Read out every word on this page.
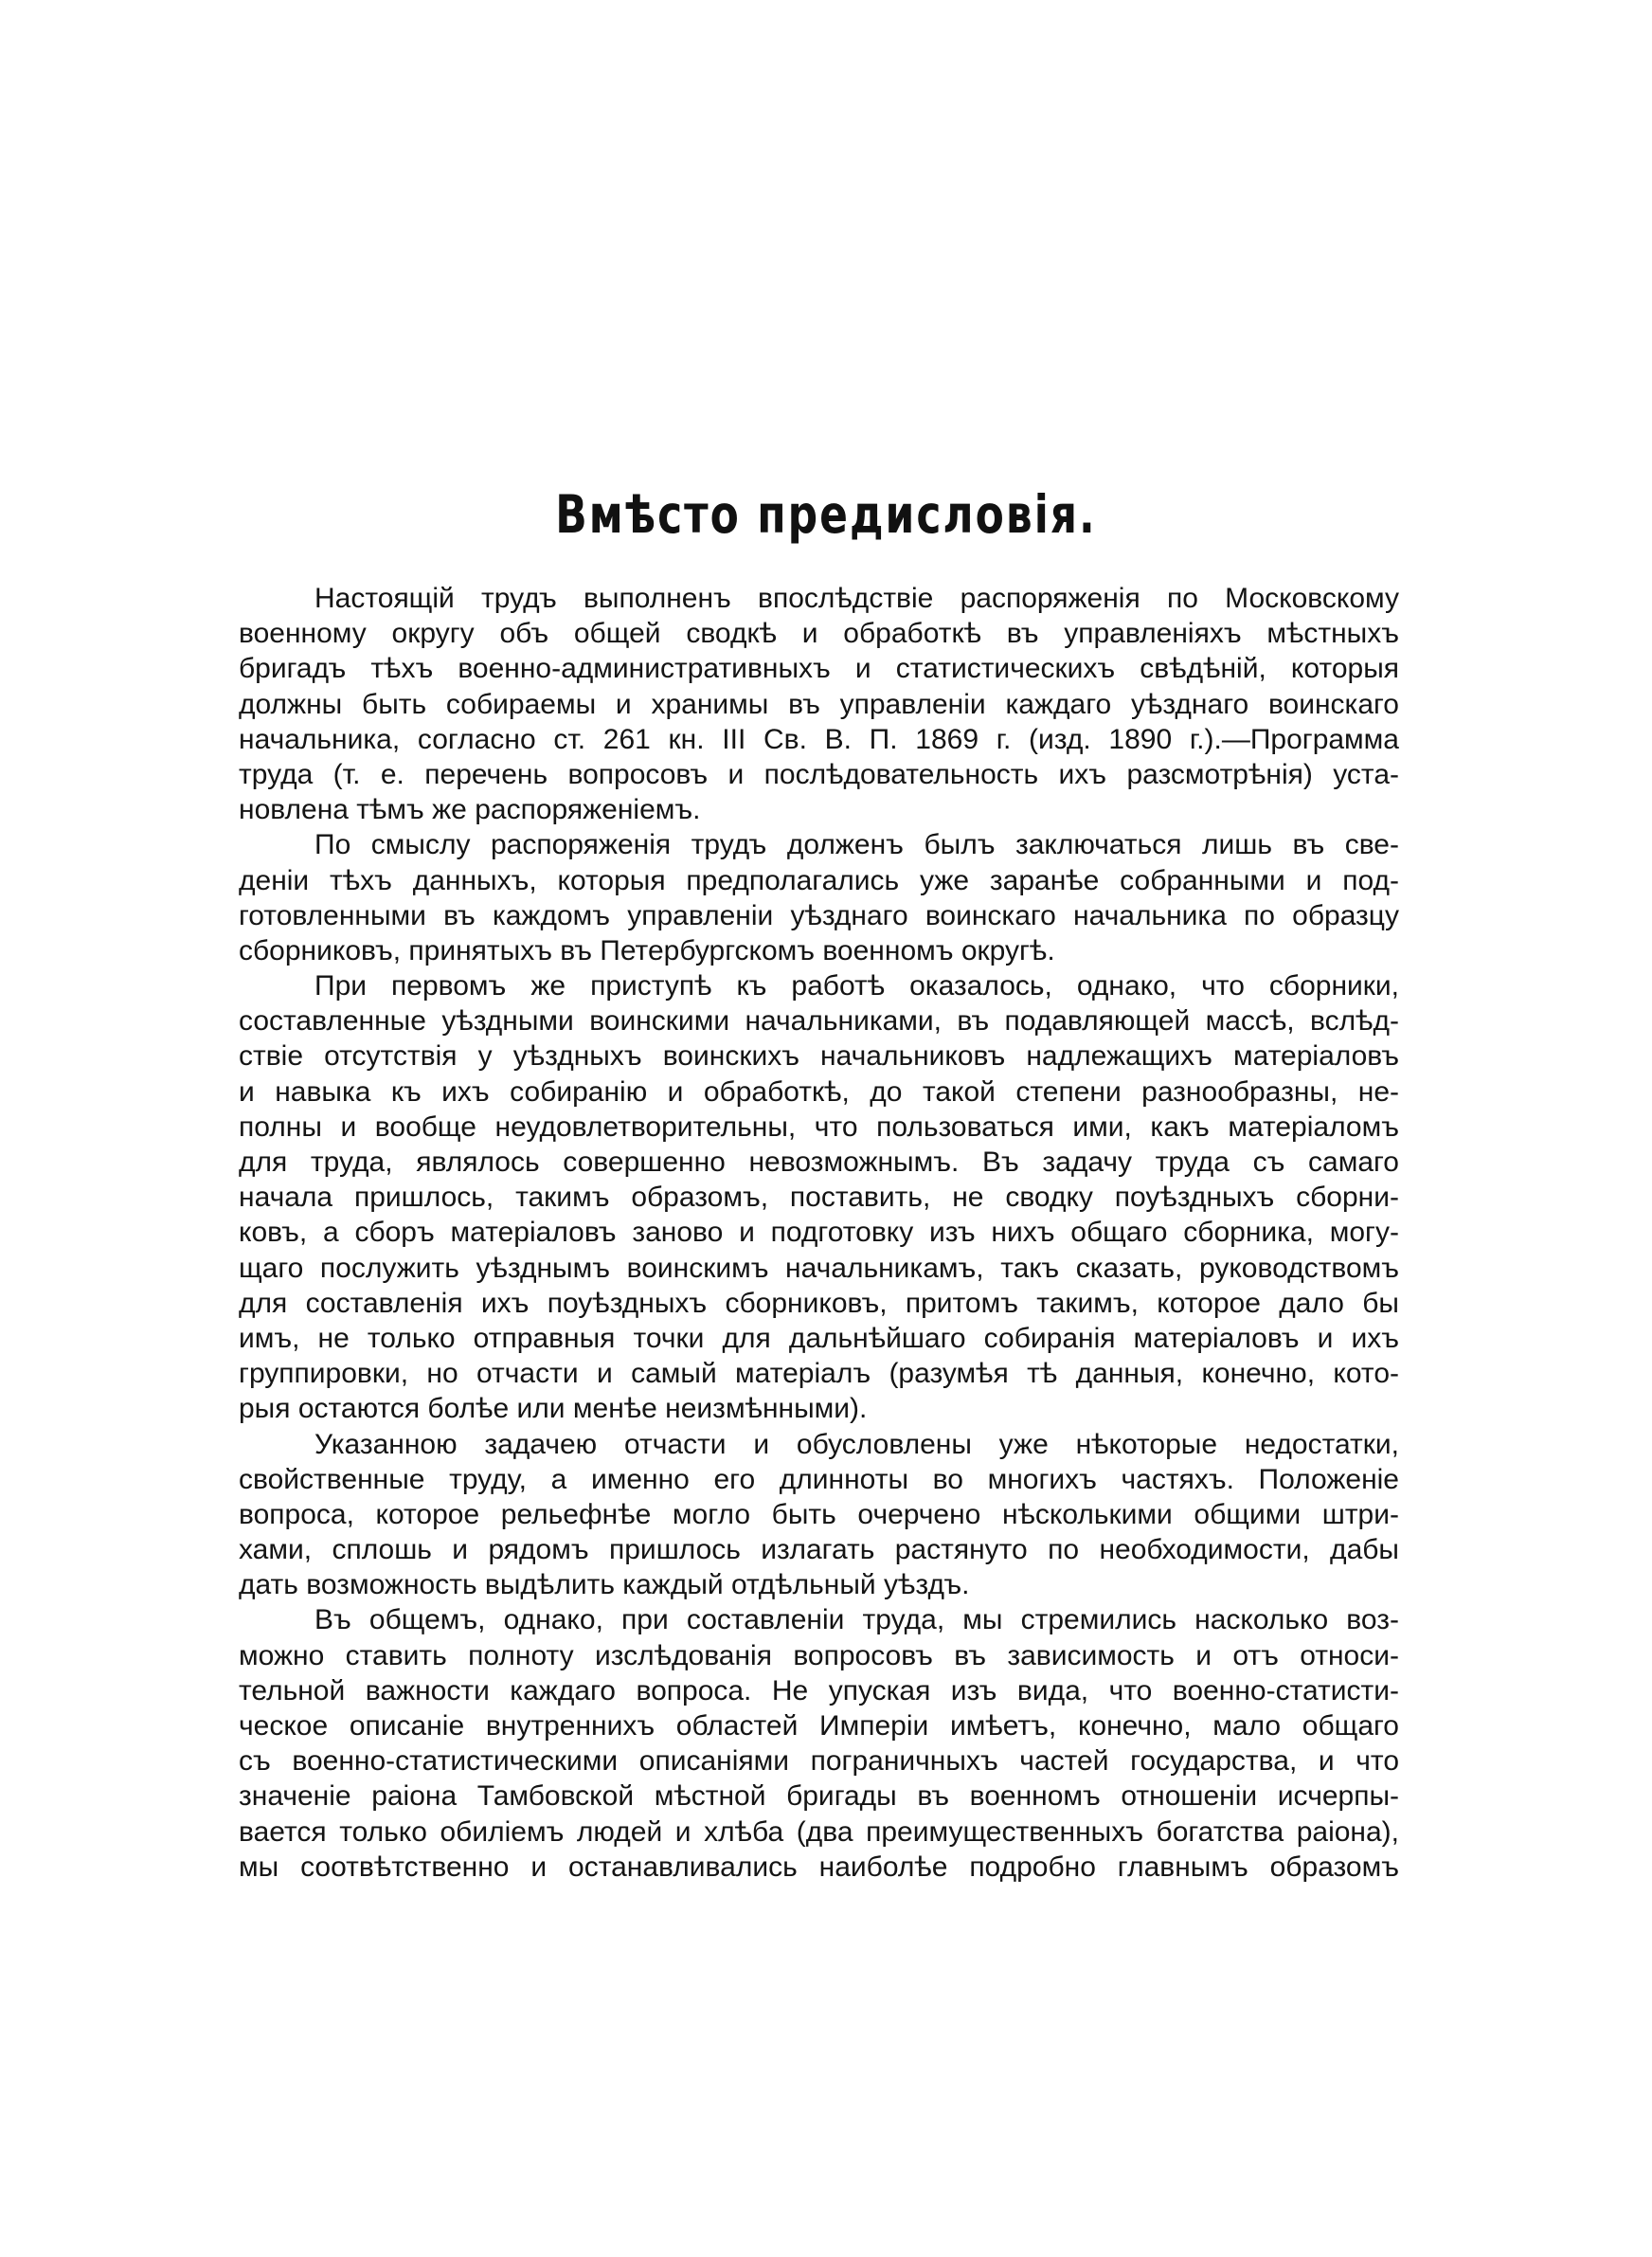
Вмѣсто предисловія.
Настоящій трудъ выполненъ впослѣдствіе распоряженія по Московскому
военному округу объ общей сводкѣ и обработкѣ въ управленіяхъ мѣстныхъ
бригадъ тѣхъ военно-административныхъ и статистическихъ свѣдѣній, которыя
должны быть собираемы и хранимы въ управленіи каждаго уѣзднаго воинскаго
начальника, согласно ст. 261 кн. III Св. В. П. 1869 г. (изд. 1890 г.).—Программа
труда (т. е. перечень вопросовъ и послѣдовательность ихъ разсмотрѣнія) уста-
новлена тѣмъ же распоряженіемъ.
По смыслу распоряженія трудъ долженъ былъ заключаться лишь въ све-
деніи тѣхъ данныхъ, которыя предполагались уже заранѣе собранными и под-
готовленными въ каждомъ управленіи уѣзднаго воинскаго начальника по образцу
сборниковъ, принятыхъ въ Петербургскомъ военномъ округѣ.
При первомъ же приступѣ къ работѣ оказалось, однако, что сборники,
составленные уѣздными воинскими начальниками, въ подавляющей массѣ, вслѣд-
ствіе отсутствія у уѣздныхъ воинскихъ начальниковъ надлежащихъ матеріаловъ
и навыка къ ихъ собиранію и обработкѣ, до такой степени разнообразны, не-
полны и вообще неудовлетворительны, что пользоваться ими, какъ матеріаломъ
для труда, являлось совершенно невозможнымъ. Въ задачу труда съ самаго
начала пришлось, такимъ образомъ, поставить, не сводку поуѣздныхъ сборни-
ковъ, а сборъ матеріаловъ заново и подготовку изъ нихъ общаго сборника, могу-
щаго послужить уѣзднымъ воинскимъ начальникамъ, такъ сказать, руководствомъ
для составленія ихъ поуѣздныхъ сборниковъ, притомъ такимъ, которое дало бы
имъ, не только отправныя точки для дальнѣйшаго собиранія матеріаловъ и ихъ
группировки, но отчасти и самый матеріалъ (разумѣя тѣ данныя, конечно, кото-
рыя остаются болѣе или менѣе неизмѣнными).
Указанною задачею отчасти и обусловлены уже нѣкоторые недостатки,
свойственные труду, а именно его длинноты во многихъ частяхъ. Положеніе
вопроса, которое рельефнѣе могло быть очерчено нѣсколькими общими штри-
хами, сплошь и рядомъ пришлось излагать растянуто по необходимости, дабы
дать возможность выдѣлить каждый отдѣльный уѣздъ.
Въ общемъ, однако, при составленіи труда, мы стремились насколько воз-
можно ставить полноту изслѣдованія вопросовъ въ зависимость и отъ относи-
тельной важности каждаго вопроса. Не упуская изъ вида, что военно-статисти-
ческое описаніе внутреннихъ областей Имперіи имѣетъ, конечно, мало общаго
съ военно-статистическими описаніями пограничныхъ частей государства, и что
значеніе раіона Тамбовской мѣстной бригады въ военномъ отношеніи исчерпы-
вается только обиліемъ людей и хлѣба (два преимущественныхъ богатства раіона),
мы соотвѣтственно и останавливались наиболѣе подробно главнымъ образомъ
